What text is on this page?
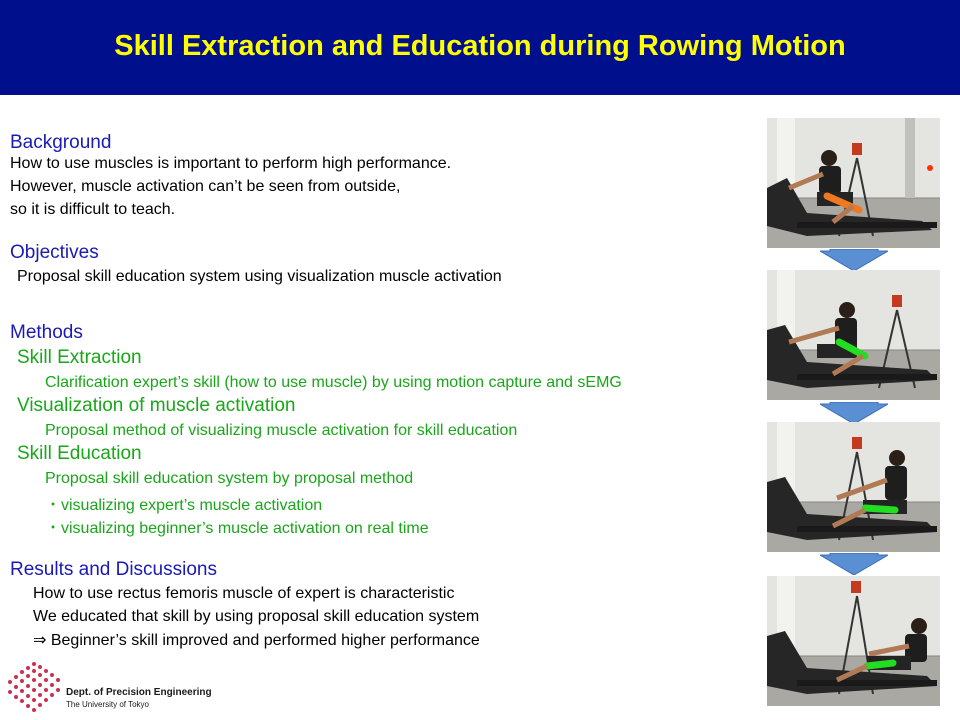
Skill Extraction and Education during Rowing Motion
Background
How to use muscles is important to perform high performance.
However, muscle activation can’t be seen from outside,
so it is difficult to teach.
Objectives
Proposal skill education system using visualization muscle activation
Methods
Skill Extraction
Clarification expert’s skill (how to use muscle) by using motion capture and sEMG
Visualization of muscle activation
Proposal method of visualizing muscle activation for skill education
Skill Education
Proposal skill education system by proposal method
・visualizing expert’s muscle activation
・visualizing beginner’s muscle activation on real time
Results and Discussions
How to use rectus femoris muscle of expert is characteristic
We educated that skill by using proposal skill education system
⇒ Beginner’s skill improved and performed higher performance
Dept. of Precision Engineering
The University of Tokyo
